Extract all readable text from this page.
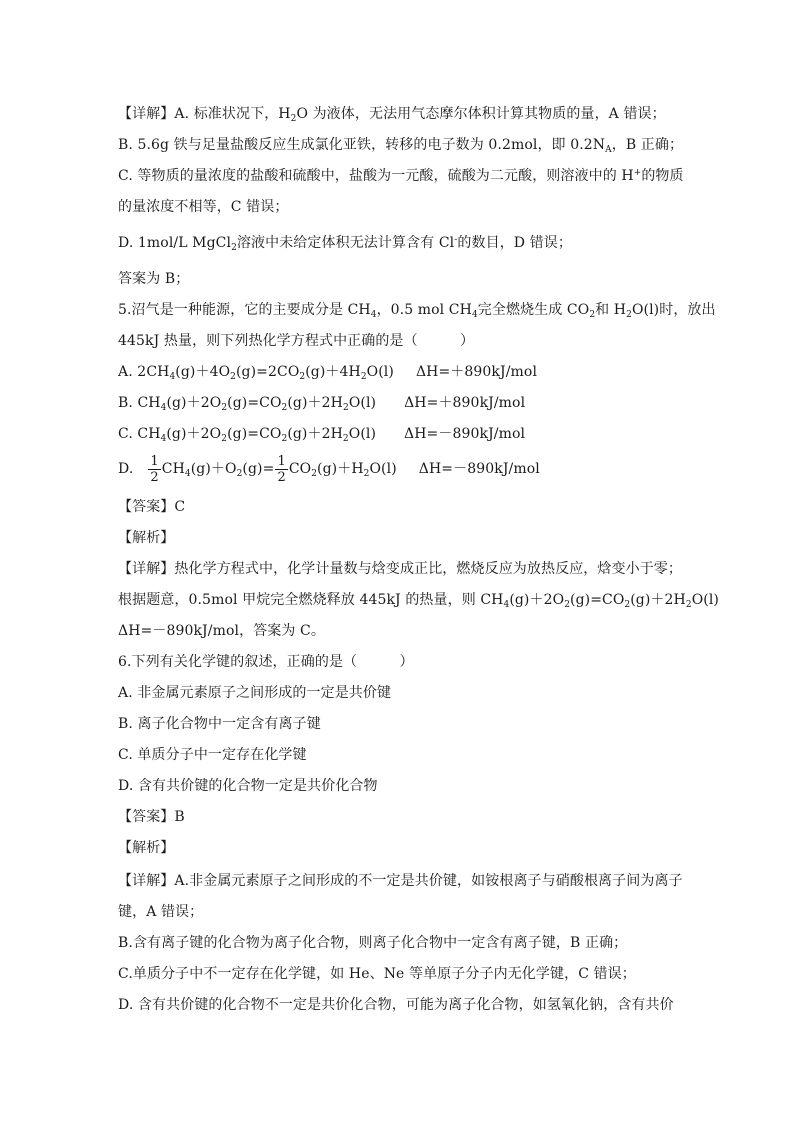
【详解】A. 标准状况下，$H_2O$ 为液体，无法用气态摩尔体积计算其物质的量，A 错误；
B. 5.6g 铁与足量盐酸反应生成氯化亚铁，转移的电子数为 0.2mol，即 $0.2N_A$，B 正确；
C. 等物质的量浓度的盐酸和硫酸中，盐酸为一元酸，硫酸为二元酸，则溶液中的 H+的物质
的量浓度不相等，C 错误；
D. 1mol/L MgCl$_2$溶液中未给定体积无法计算含有 Cl-的数目，D 错误；
答案为 B；
5.沼气是一种能源，它的主要成分是 $CH_4$，0.5 mol $CH_4$完全燃烧生成 $CO_2$和 $H_2O(l)$时，放出
445kJ 热量，则下列热化学方程式中正确的是（　　　）
A. $2CH_4(g)+4O_2(g)=2CO_2(g)+4H_2O(l)$ ΔH=＋890kJ/mol
B. $CH_4(g)+2O_2(g)=CO_2(g)+2H_2O(l)$ ΔH=＋890kJ/mol
C. $CH_4(g)+2O_2(g)=CO_2(g)+2H_2O(l)$ ΔH=－890kJ/mol
D. $\frac{1}{2} CH_4(g)+O_2(g)= \frac{1}{2} CO_2(g)+H_2O(l)$ ΔH=－890kJ/mol
【答案】C
【解析】
【详解】热化学方程式中，化学计量数与焓变成正比，燃烧反应为放热反应，焓变小于零；
根据题意，0.5mol 甲烷完全燃烧释放 445kJ 的热量，则 $CH_4(g)+2O_2(g)=CO_2(g)+2H_2O(l)$
ΔH=－890kJ/mol，答案为 C。
6.下列有关化学键的叙述，正确的是（　　　）
A. 非金属元素原子之间形成的一定是共价键
B. 离子化合物中一定含有离子键
C. 单质分子中一定存在化学键
D. 含有共价键的化合物一定是共价化合物
【答案】B
【解析】
【详解】A.非金属元素原子之间形成的不一定是共价键，如铵根离子与硝酸根离子间为离子
键，A 错误；
B.含有离子键的化合物为离子化合物，则离子化合物中一定含有离子键，B 正确；
C.单质分子中不一定存在化学键，如 He、Ne 等单原子分子内无化学键，C 错误；
D. 含有共价键的化合物不一定是共价化合物，可能为离子化合物，如氢氧化钠，含有共价
